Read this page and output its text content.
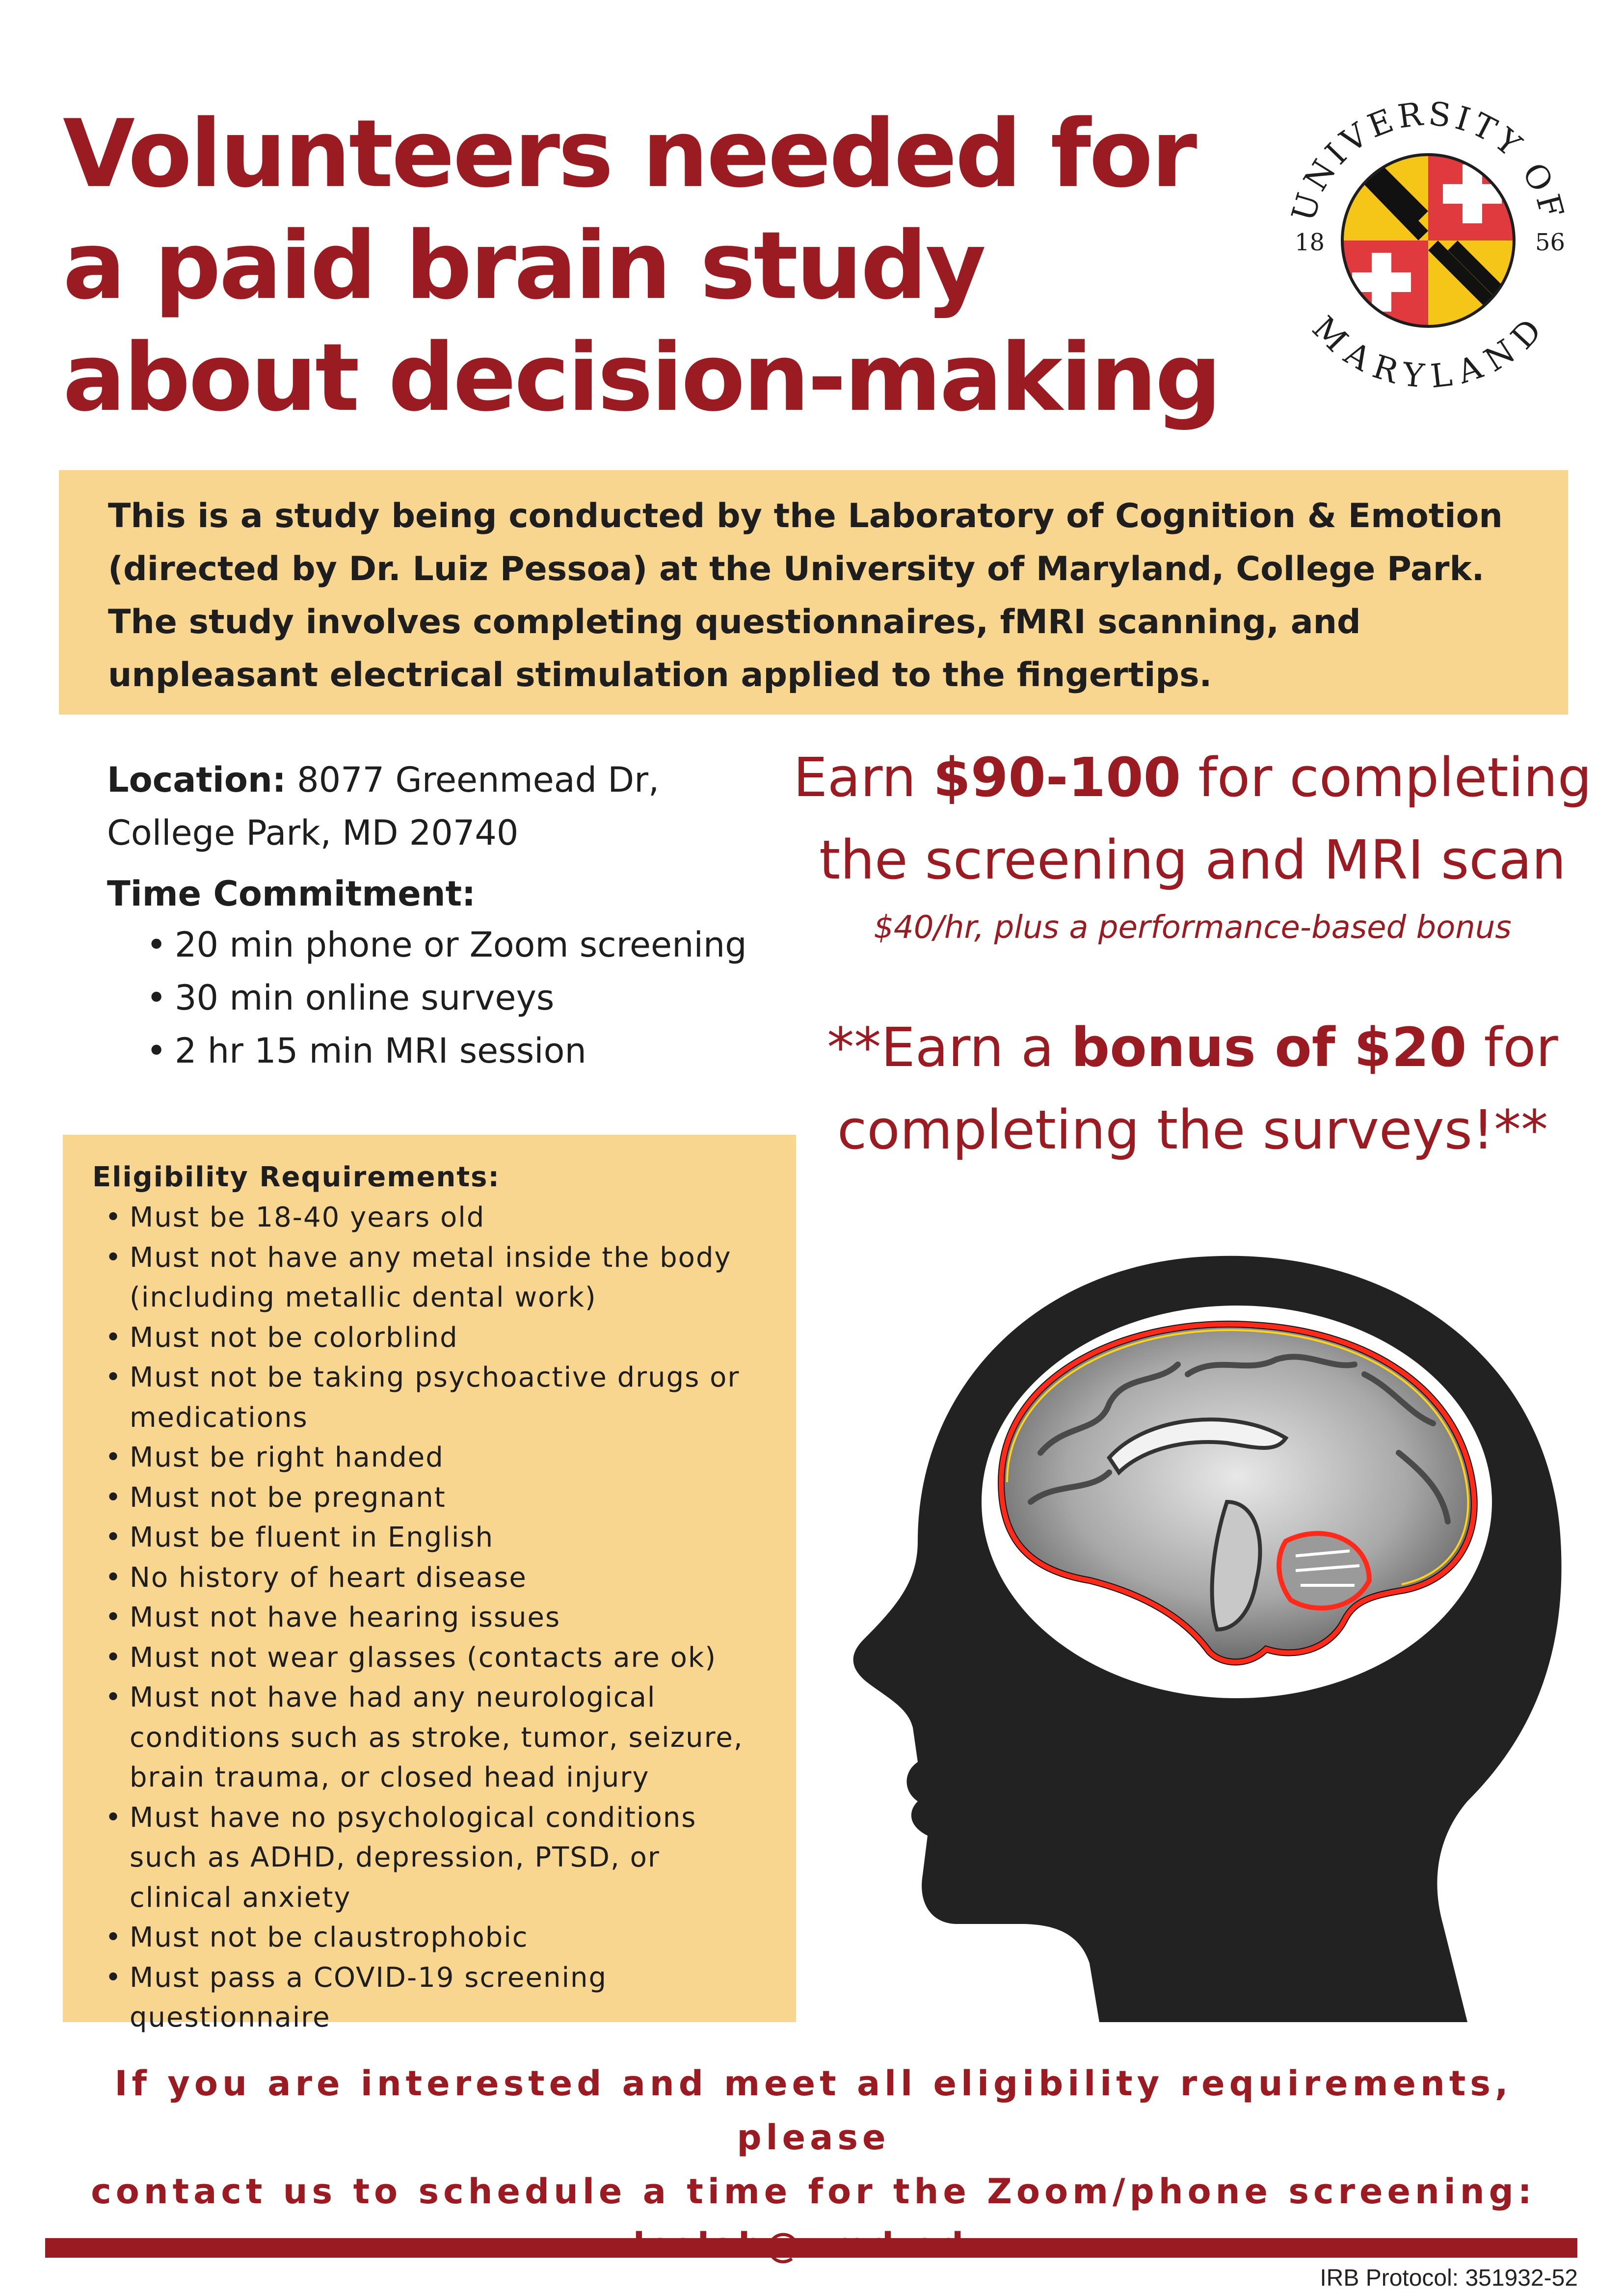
Volunteers needed for
a paid brain study
about decision-making
UNIVERSITY OF
MARYLAND
18	56

This is a study being conducted by the Laboratory of Cognition & Emotion (directed by Dr. Luiz Pessoa) at the University of Maryland, College Park. The study involves completing questionnaires, fMRI scanning, and unpleasant electrical stimulation applied to the fingertips.

Location: 8077 Greenmead Dr,
College Park, MD 20740
Time Commitment:
• 20 min phone or Zoom screening
• 30 min online surveys
• 2 hr 15 min MRI session
Earn $90-100 for completing
the screening and MRI scan
$40/hr, plus a performance-based bonus
**Earn a bonus of $20 for
completing the surveys!**
Eligibility Requirements:
• Must be 18-40 years old
• Must not have any metal inside the body (including metallic dental work)
• Must not be colorblind
• Must not be taking psychoactive drugs or medications
• Must be right handed
• Must not be pregnant
• Must be fluent in English
• No history of heart disease
• Must not have hearing issues
• Must not wear glasses (contacts are ok)
• Must not have had any neurological conditions such as stroke, tumor, seizure, brain trauma, or closed head injury
• Must have no psychological conditions such as ADHD, depression, PTSD, or clinical anxiety
• Must not be claustrophobic
• Must pass a COVID-19 screening questionnaire
If you are interested and meet all eligibility requirements, please
contact us to schedule a time for the Zoom/phone screening:
IRB Protocol: 351932-52
